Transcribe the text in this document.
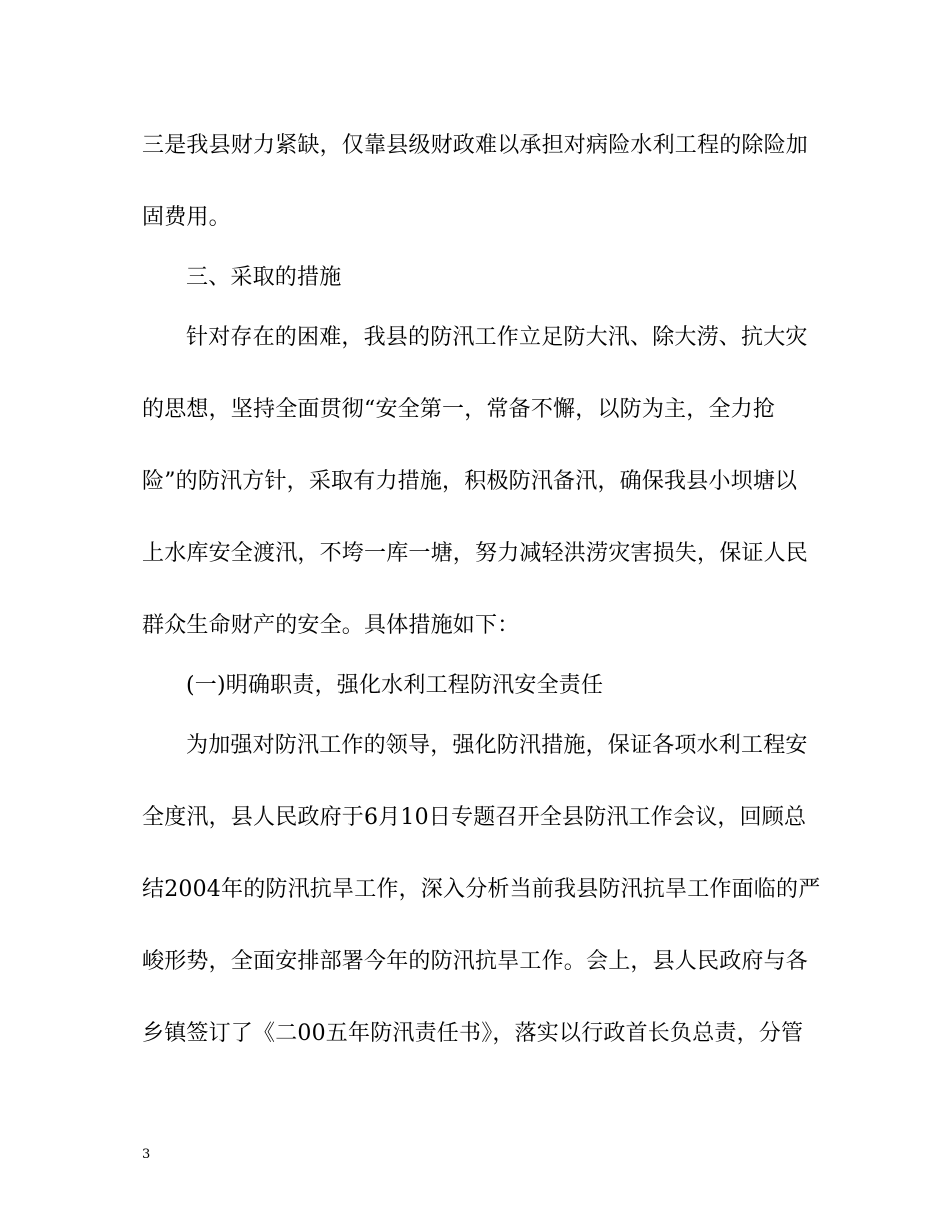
三是我县财力紧缺，仅靠县级财政难以承担对病险水利工程的除险加
固费用。
三、采取的措施
针对存在的困难，我县的防汛工作立足防大汛、除大涝、抗大灾
的思想，坚持全面贯彻“安全第一，常备不懈，以防为主，全力抢
险”的防汛方针，采取有力措施，积极防汛备汛，确保我县小坝塘以
上水库安全渡汛，不垮一库一塘，努力减轻洪涝灾害损失，保证人民
群众生命财产的安全。具体措施如下：
(一)明确职责，强化水利工程防汛安全责任
为加强对防汛工作的领导，强化防汛措施，保证各项水利工程安
全度汛，县人民政府于6月10日专题召开全县防汛工作会议，回顾总
结2004年的防汛抗旱工作，深入分析当前我县防汛抗旱工作面临的严
峻形势，全面安排部署今年的防汛抗旱工作。会上，县人民政府与各
乡镇签订了《二00五年防汛责任书》，落实以行政首长负总责，分管
3
